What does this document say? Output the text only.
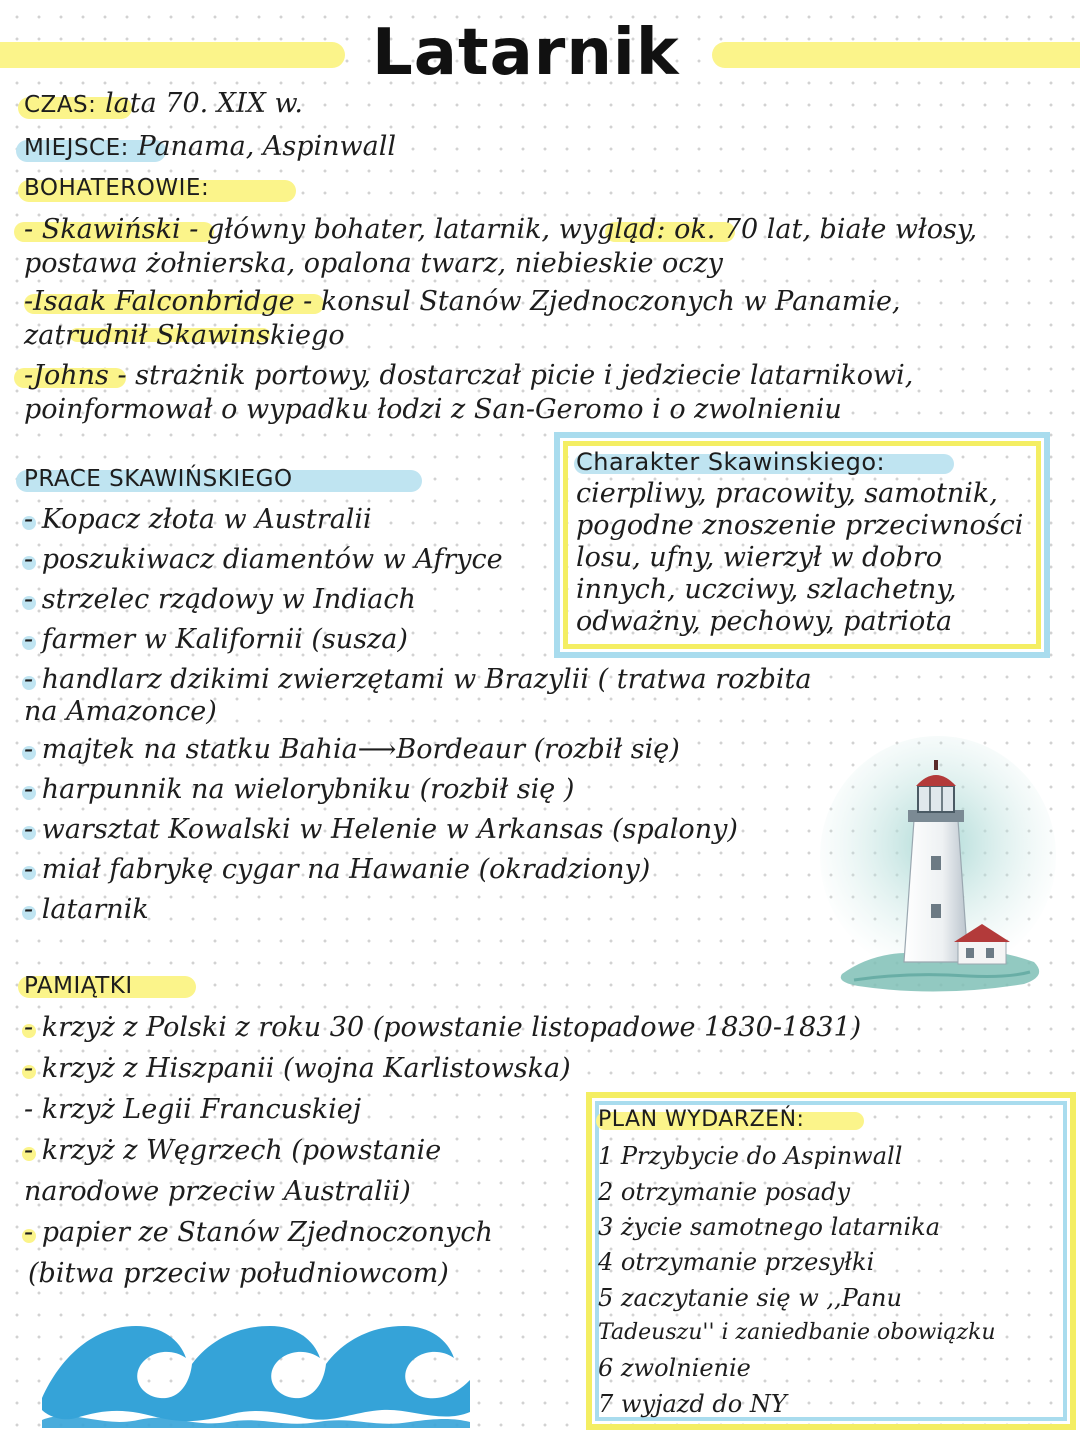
Latarnik
CZAS: lata 70. XIX w.
MIEJSCE: Panama, Aspinwall
BOHATEROWIE:
- Skawiński - główny bohater, latarnik, wygląd: ok. 70 lat, białe włosy,
postawa żołnierska, opalona twarz, niebieskie oczy
-Isaak Falconbridge - konsul Stanów Zjednoczonych w Panamie,
zatrudnił Skawinskiego
-Johns - strażnik portowy, dostarczał picie i jedziecie latarnikowi,
poinformował o wypadku łodzi z San-Geromo i o zwolnieniu
Charakter Skawinskiego:
cierpliwy, pracowity, samotnik,
pogodne znoszenie przeciwności
losu, ufny, wierzył w dobro
innych, uczciwy, szlachetny,
odważny, pechowy, patriota
PRACE SKAWIŃSKIEGO
- Kopacz złota w Australii
- poszukiwacz diamentów w Afryce
- strzelec rządowy w Indiach
- farmer w Kalifornii (susza)
- handlarz dzikimi zwierzętami w Brazylii ( tratwa rozbita
na Amazonce)
- majtek na statku Bahia⟶Bordeaur (rozbił się)
- harpunnik na wielorybniku (rozbił się )
- warsztat Kowalski w Helenie w Arkansas (spalony)
- miał fabrykę cygar na Hawanie (okradziony)
- latarnik
PAMIĄTKI
- krzyż z Polski z roku 30 (powstanie listopadowe 1830-1831)
- krzyż z Hiszpanii (wojna Karlistowska)
- krzyż Legii Francuskiej
- krzyż z Węgrzech (powstanie
narodowe przeciw Australii)
- papier ze Stanów Zjednoczonych
(bitwa przeciw południowcom)
PLAN WYDARZEŃ:
1 Przybycie do Aspinwall
2 otrzymanie posady
3 życie samotnego latarnika
4 otrzymanie przesyłki
5 zaczytanie się w ,,Panu
Tadeuszu'' i zaniedbanie obowiązku
6 zwolnienie
7 wyjazd do NY
